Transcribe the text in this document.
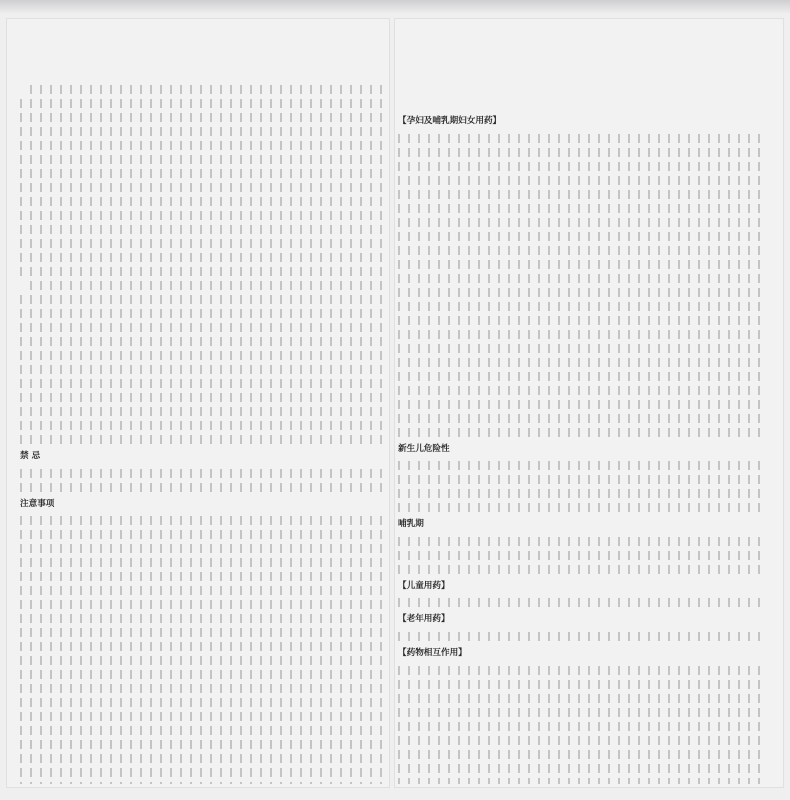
禁 忌
注意事项
【孕妇及哺乳期妇女用药】
新生儿危险性
哺乳期
【儿童用药】
【老年用药】
【药物相互作用】
